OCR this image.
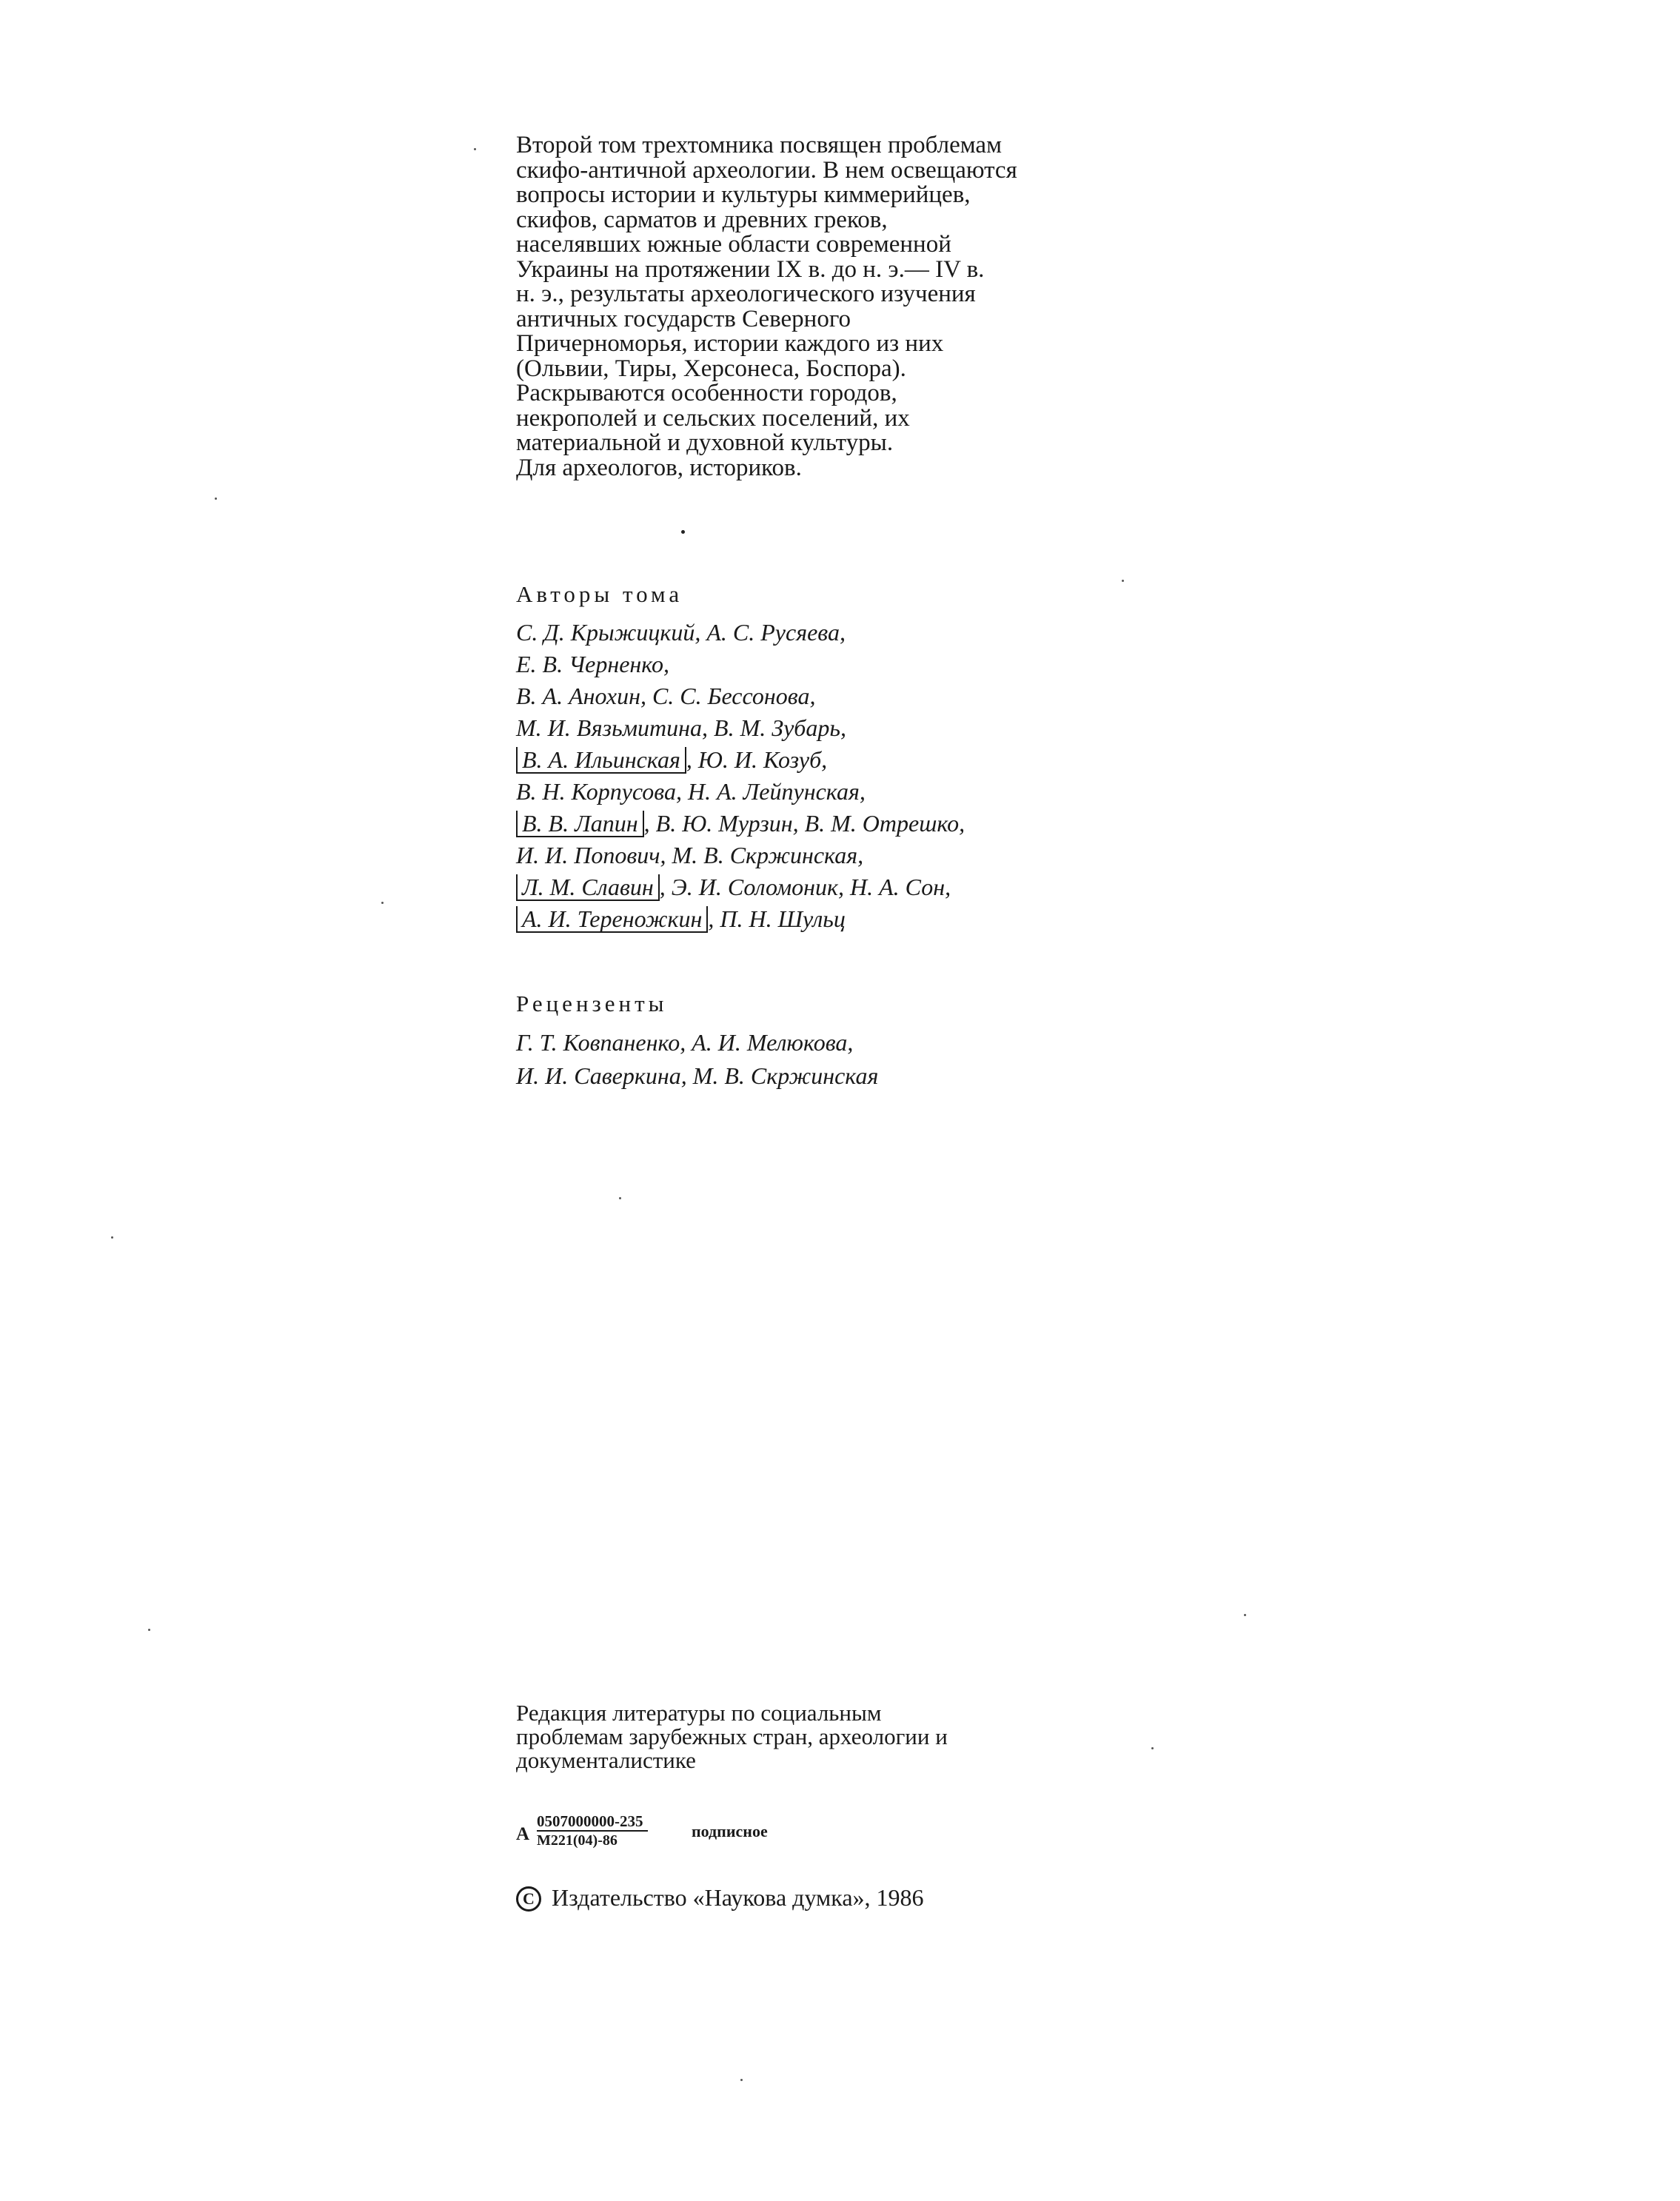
Второй том трехтомника посвящен проблемам
скифо-античной археологии. В нем освещаются
вопросы истории и культуры киммерийцев,
скифов, сарматов и древних греков,
населявших южные области современной
Украины на протяжении IX в. до н. э.— IV в.
н. э., результаты археологического изучения
античных государств Северного
Причерноморья, истории каждого из них
(Ольвии, Тиры, Херсонеса, Боспора).
Раскрываются особенности городов,
некрополей и сельских поселений, их
материальной и духовной культуры.
Для археологов, историков.
Авторы тома
С. Д. Крыжицкий, А. С. Русяева,
Е. В. Черненко,
В. А. Анохин, С. С. Бессонова,
М. И. Вязьмитина, В. М. Зубарь,
В. А. Ильинская , Ю. И. Козуб,
В. Н. Корпусова, Н. А. Лейпунская,
В. В. Лапин , В. Ю. Мурзин, В. М. Отрешко,
И. И. Попович, М. В. Скржинская,
Л. М. Славин , Э. И. Соломоник, Н. А. Сон,
А. И. Тереножкин , П. Н. Шульц
Рецензенты
Г. Т. Ковпаненко, А. И. Мелюкова,
И. И. Саверкина, М. В. Скржинская
Редакция литературы по социальным
проблемам зарубежных стран, археологии и
документалистике
А
0507000000-235
М221(04)-86	подписное
C Издательство «Наукова думка», 1986
